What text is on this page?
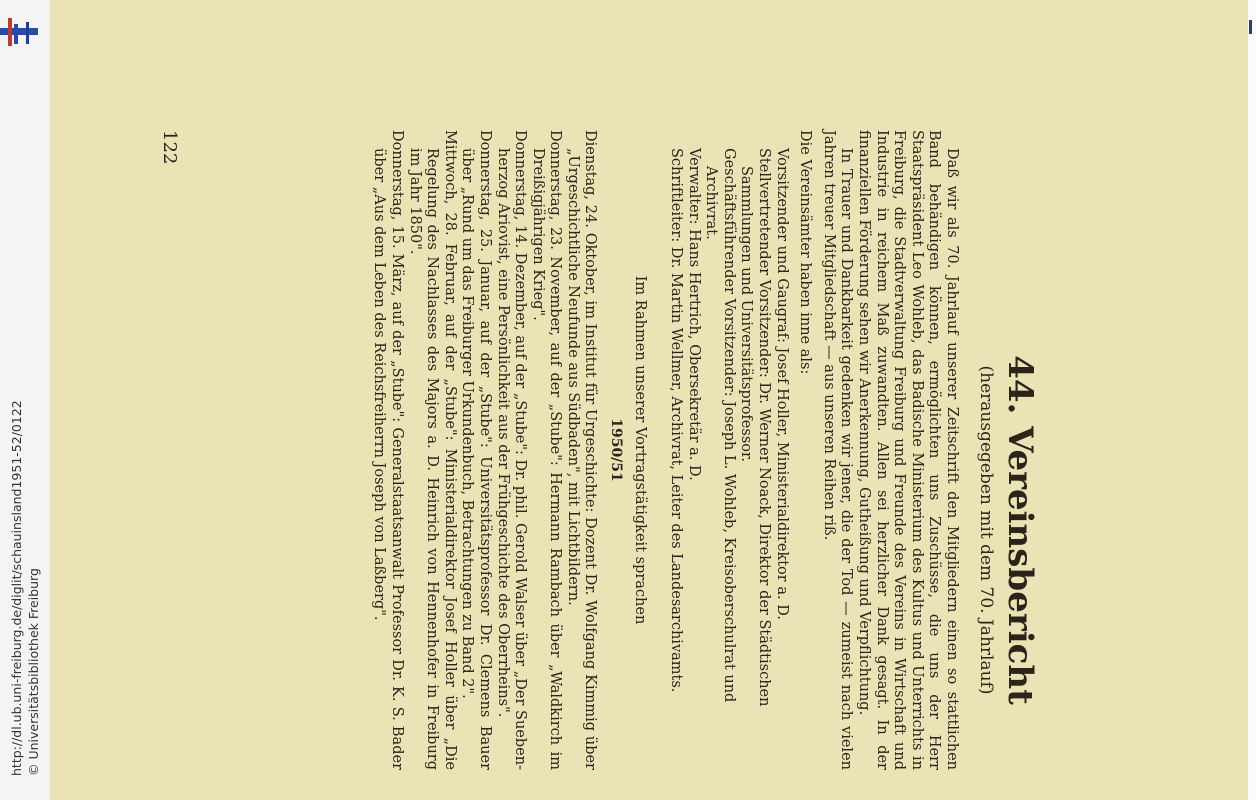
http://dl.ub.uni-freiburg.de/diglit/schauinsland1951-52/0122 © Universitätsbibliothek Freiburg	44. Vereinsbericht
(herausgegeben mit dem 70. Jahrlauf)

Daß wir als 70. Jahrlauf unserer Zeitschrift den Mitgliedern einen so stattlichen Band behändigen können, ermöglichten uns Zuschüsse, die uns der Herr Staatspräsident Leo Wohleb, das Badische Ministerium des Kultus und Unterrichts in Freiburg, die Stadtverwaltung Freiburg und Freunde des Vereins in Wirtschaft und Industrie in reichem Maß zuwandten. Allen sei herzlicher Dank gesagt. In der finanziellen Förderung sehen wir Anerkennung, Gutheißung und Verpflichtung.

In Trauer und Dankbarkeit gedenken wir jener, die der Tod — zumeist nach vielen Jahren treuer Mitgliedschaft — aus unseren Reihen riß.

Die Vereinsämter haben inne als:

Vorsitzender und Gaugraf: Josef Holler, Ministerialdirektor a. D.

Stellvertretender Vorsitzender: Dr. Werner Noack, Direktor der Städtischen Sammlungen und Universitätsprofessor.

Geschäftsführender Vorsitzender: Joseph L. Wohleb, Kreisoberschulrat und Archivrat.

Verwalter: Hans Hertrich, Obersekretär a. D.

Schriftleiter: Dr. Martin Wellmer, Archivrat, Leiter des Landesarchivamts.

Im Rahmen unserer Vortragstätigkeit sprachen
1950/51

Dienstag, 24. Oktober, im Institut für Urgeschichte: Dozent Dr. Wolfgang Kimmig über „Urgeschichtliche Neufunde aus Südbaden", mit Lichtbildern.

Donnerstag, 23. November, auf der „Stube": Hermann Rambach über „Waldkirch im Dreißigjährigen Krieg".

Donnerstag, 14. Dezember, auf der „Stube": Dr. phil. Gerold Walser über „Der Sueben-herzog Ariovist, eine Persönlichkeit aus der Frühgeschichte des Oberrheins".

Donnerstag, 25. Januar, auf der „Stube": Universitätsprofessor Dr. Clemens Bauer über „Rund um das Freiburger Urkundenbuch, Betrachtungen zu Band 2".

Mittwoch, 28. Februar, auf der „Stube": Ministerialdirektor Josef Holler über „Die Regelung des Nachlasses des Majors a. D. Heinrich von Hennenhofer in Freiburg im Jahr 1850".

Donnerstag, 15. März, auf der „Stube": Generalstaatsanwalt Professor Dr. K. S. Bader über „Aus dem Leben des Reichsfreiherrn Joseph von Laßberg".

122
